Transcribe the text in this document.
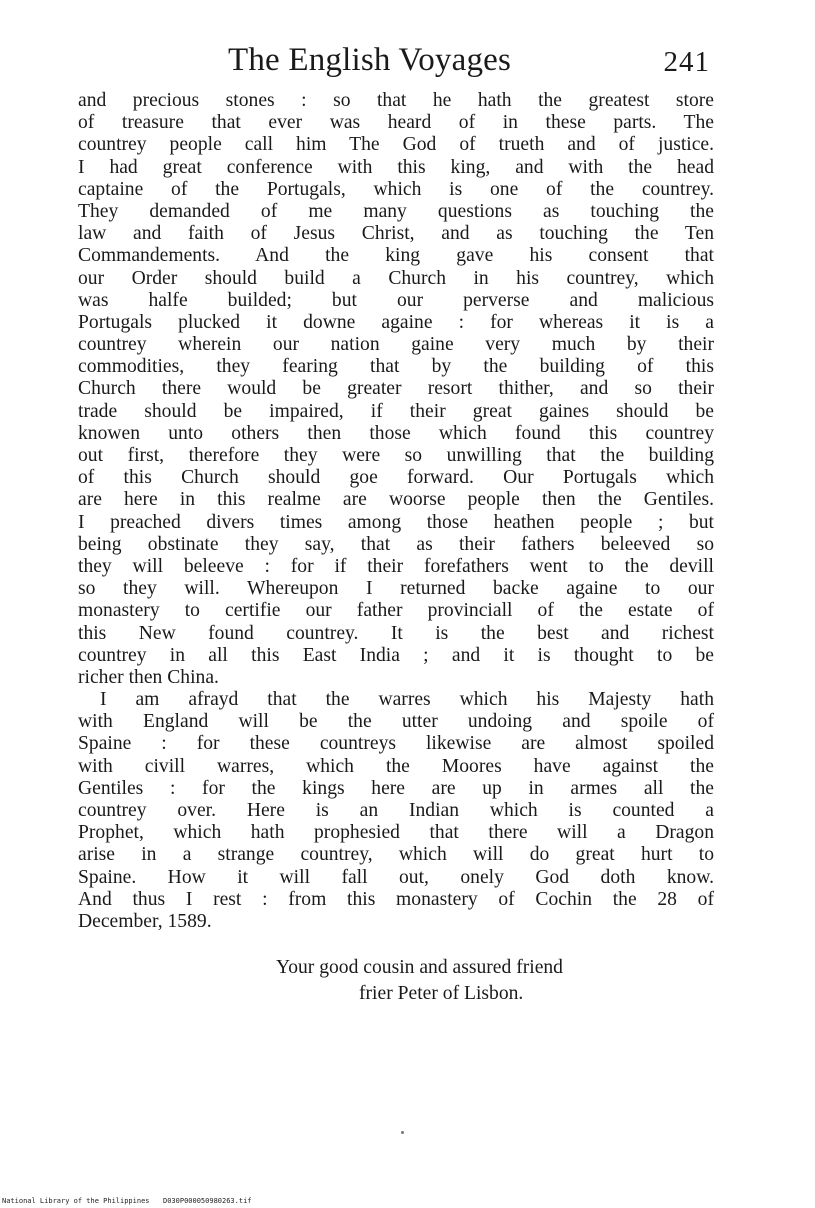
The English Voyages	241
and precious stones : so that he hath the greatest store
of treasure that ever was heard of in these parts. The
countrey people call him The God of trueth and of justice.
I had great conference with this king, and with the head
captaine of the Portugals, which is one of the countrey.
They demanded of me many questions as touching the
law and faith of Jesus Christ, and as touching the Ten
Commandements. And the king gave his consent that
our Order should build a Church in his countrey, which
was halfe builded; but our perverse and malicious
Portugals plucked it downe againe : for whereas it is a
countrey wherein our nation gaine very much by their
commodities, they fearing that by the building of this
Church there would be greater resort thither, and so their
trade should be impaired, if their great gaines should be
knowen unto others then those which found this countrey
out first, therefore they were so unwilling that the building
of this Church should goe forward. Our Portugals which
are here in this realme are woorse people then the Gentiles.
I preached divers times among those heathen people ; but
being obstinate they say, that as their fathers beleeved so
they will beleeve : for if their forefathers went to the devill
so they will. Whereupon I returned backe againe to our
monastery to certifie our father provinciall of the estate of
this New found countrey. It is the best and richest
countrey in all this East India ; and it is thought to be
richer then China.
I am afrayd that the warres which his Majesty hath
with England will be the utter undoing and spoile of
Spaine : for these countreys likewise are almost spoiled
with civill warres, which the Moores have against the
Gentiles : for the kings here are up in armes all the
countrey over. Here is an Indian which is counted a
Prophet, which hath prophesied that there will a Dragon
arise in a strange countrey, which will do great hurt to
Spaine. How it will fall out, onely God doth know.
And thus I rest : from this monastery of Cochin the 28 of
December, 1589.
Your good cousin and assured friend
frier Peter of Lisbon.
National Library of the Philippines D030P000050980263.tif
